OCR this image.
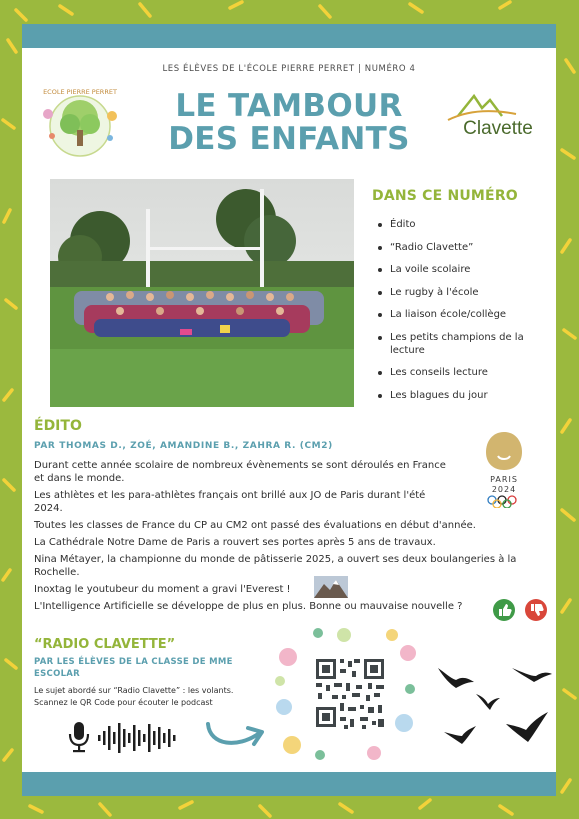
LES ÉLÈVES DE L'ÉCOLE PIERRE PERRET | NUMÉRO 4
LE TAMBOUR
DES ENFANTS
ECOLE PIERRE PERRET
Clavette
DANS CE NUMÉRO
Édito
“Radio Clavette”
La voile scolaire
Le rugby à l'école
La liaison école/collège
Les petits champions de la lecture
Les conseils lecture
Les blagues du jour
ÉDITO
PAR THOMAS D., ZOÉ, AMANDINE B., ZAHRA R. (CM2)

Durant cette année scolaire de nombreux évènements se sont déroulés en France et dans le monde.

Les athlètes et les para-athlètes français ont brillé aux JO de Paris durant l'été 2024.

Toutes les classes de France du CP au CM2 ont passé des évaluations en début d'année.

La Cathédrale Notre Dame de Paris a rouvert ses portes après 5 ans de travaux.

Nina Métayer, la championne du monde de pâtisserie 2025, a ouvert ses deux boulangeries à la Rochelle.

Inoxtag le youtubeur du moment a gravi l'Everest !

L'Intelligence Artificielle se développe de plus en plus. Bonne ou mauvaise nouvelle ?

PARIS
2024
“RADIO CLAVETTE”
PAR LES ÉLÈVES DE LA CLASSE DE MME ESCOLAR
Le sujet abordé sur “Radio Clavette” : les volants.
Scannez le QR Code pour écouter le podcast
